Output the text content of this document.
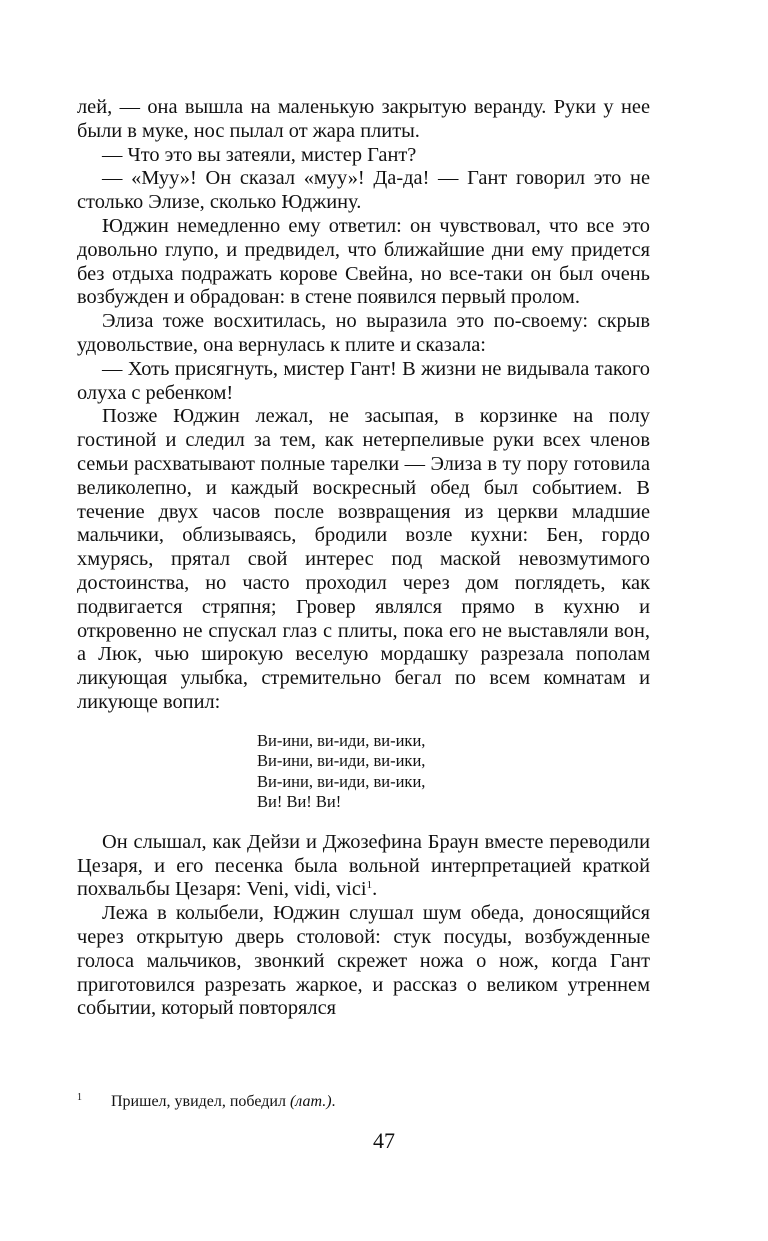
лей, — она вышла на маленькую закрытую веранду. Руки у нее были в муке, нос пылал от жара плиты.

— Что это вы затеяли, мистер Гант?

— «Муу»! Он сказал «муу»! Да-да! — Гант говорил это не столько Элизе, сколько Юджину.

Юджин немедленно ему ответил: он чувствовал, что все это довольно глупо, и предвидел, что ближайшие дни ему придется без отдыха подражать корове Свейна, но все-таки он был очень возбужден и обрадован: в стене появился первый пролом.

Элиза тоже восхитилась, но выразила это по-своему: скрыв удовольствие, она вернулась к плите и сказала:

— Хоть присягнуть, мистер Гант! В жизни не видывала такого олуха с ребенком!

Позже Юджин лежал, не засыпая, в корзинке на полу гостиной и следил за тем, как нетерпеливые руки всех членов семьи расхватывают полные тарелки — Элиза в ту пору готовила великолепно, и каждый воскресный обед был событием. В течение двух часов после возвращения из церкви младшие мальчики, облизываясь, бродили возле кухни: Бен, гордо хмурясь, прятал свой интерес под маской невозмутимого достоинства, но часто проходил через дом поглядеть, как подвигается стряпня; Гровер являлся прямо в кухню и откровенно не спускал глаз с плиты, пока его не выставляли вон, а Люк, чью широкую веселую мордашку разрезала пополам ликующая улыбка, стремительно бегал по всем комнатам и ликующе вопил:

Ви-ини, ви-иди, ви-ики,
Ви-ини, ви-иди, ви-ики,
Ви-ини, ви-иди, ви-ики,
Ви! Ви! Ви!

Он слышал, как Дейзи и Джозефина Браун вместе переводили Цезаря, и его песенка была вольной интерпретацией краткой похвальбы Цезаря: Veni, vidi, vici$^1$.

Лежа в колыбели, Юджин слушал шум обеда, доносящийся через открытую дверь столовой: стук посуды, возбужденные голоса мальчиков, звонкий скрежет ножа о нож, когда Гант приготовился разрезать жаркое, и рассказ о великом утреннем событии, который повторялся

1 Пришел, увидел, победил (лат.).
47
